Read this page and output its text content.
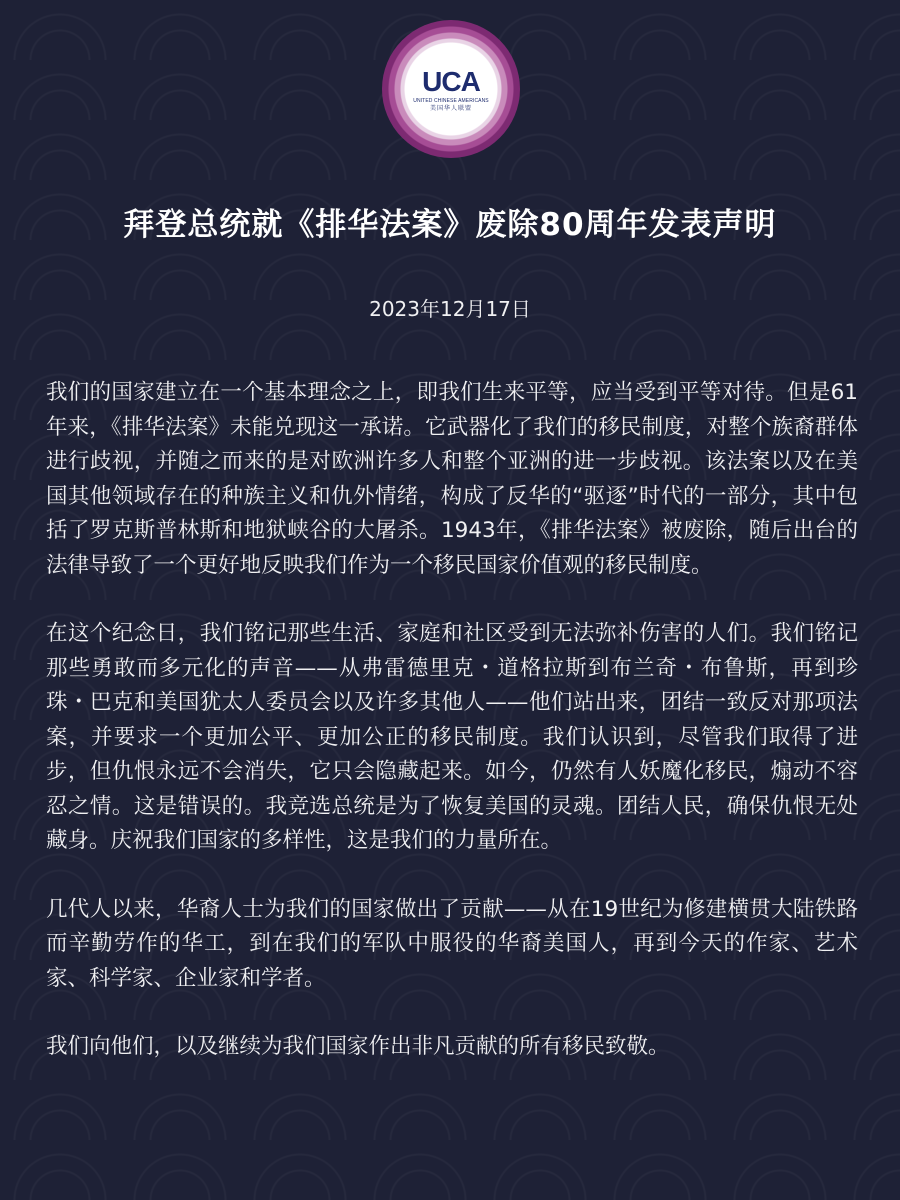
UCA ★
UNITED CHINESE AMERICANS
美国华人联盟
拜登总统就《排华法案》废除80周年发表声明
2023年12月17日

我们的国家建立在一个基本理念之上，即我们生来平等，应当受到平等对待。但是61年来，《排华法案》未能兑现这一承诺。它武器化了我们的移民制度，对整个族裔群体进行歧视，并随之而来的是对欧洲许多人和整个亚洲的进一步歧视。该法案以及在美国其他领域存在的种族主义和仇外情绪，构成了反华的“驱逐”时代的一部分，其中包括了罗克斯普林斯和地狱峡谷的大屠杀。1943年，《排华法案》被废除，随后出台的法律导致了一个更好地反映我们作为一个移民国家价值观的移民制度。

在这个纪念日，我们铭记那些生活、家庭和社区受到无法弥补伤害的人们。我们铭记那些勇敢而多元化的声音——从弗雷德里克・道格拉斯到布兰奇・布鲁斯，再到珍珠・巴克和美国犹太人委员会以及许多其他人——他们站出来，团结一致反对那项法案，并要求一个更加公平、更加公正的移民制度。我们认识到，尽管我们取得了进步，但仇恨永远不会消失，它只会隐藏起来。如今，仍然有人妖魔化移民，煽动不容忍之情。这是错误的。我竞选总统是为了恢复美国的灵魂。团结人民，确保仇恨无处藏身。庆祝我们国家的多样性，这是我们的力量所在。

几代人以来，华裔人士为我们的国家做出了贡献——从在19世纪为修建横贯大陆铁路而辛勤劳作的华工，到在我们的军队中服役的华裔美国人，再到今天的作家、艺术家、科学家、企业家和学者。

我们向他们，以及继续为我们国家作出非凡贡献的所有移民致敬。
